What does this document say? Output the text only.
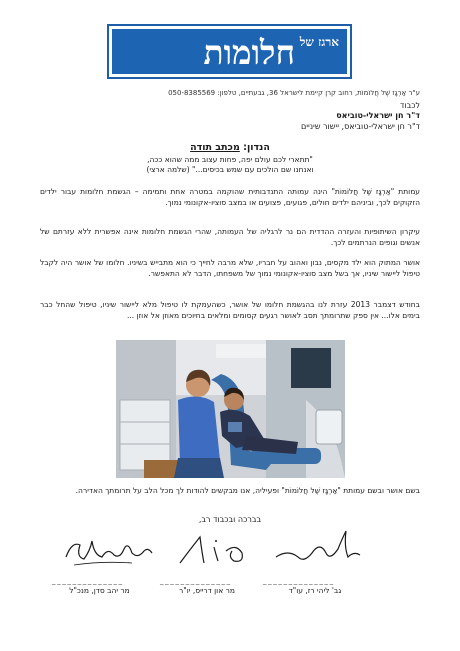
ארגז של
חלומות
ע"ר אַרְגָּז שֶׁל חֲלוֹמוֹת, רחוב קרן קיימת לישראל 36, גבעתיים, טלפון: 050-8385569
לכבוד
ד"ר חן ישראלי-טוביאס
ד"ר חן ישראלי-טוביאס, יישור שיניים
הנדון: מכתב תודה
"תתארי לכם עולם יפה, פחות עצוב ממה שהוא ככה,
ואנחנו שם הולכים עם שמש בכיסים..." (שלמה ארצי)
עמותת "אַרְגָּז שֶׁל חֲלוֹמוֹת" הינה עמותה התנדבותית שהוקמה במטרה אחת ותמימה – הגשמת חלומות עבור ילדים הזקוקים לכך, וביניהם ילדים חולים, פגועים, פצועים או במצב סוציו-אקונומי נמוך.
עיקרון השיתופיות והעזרה ההדדית הם נר לרגליה של העמותה, שהרי הגשמת חלומות אינה אפשרית ללא עזרתם של אנשים וגופים הנרתמים לכך.
אושר המתוק הוא ילד מקסים, נבון ואהוב על חבריו, שלא מרבה לחייך כי הוא מתבייש בשיניו. חלומו של אושר היה לקבל טיפול ליישור שיניו, אך בשל מצב סוציו-אקונומי נמוך של משפחתו, הדבר לא התאפשר.
בחודש דצמבר 2013 עזרת לנו בהגשמת חלומו של אושר, כשהעמקת לו טיפול מלא ליישור שיניו, טיפול שהחל כבר בימים אלו... אין ספק שתרומתך תסב לאושר רגעים קסומים ומלאים בחיוכים מאוזן אל אוזן ...
בשם אושר ובשם עמותת "אַרְגָּז שֶׁל חֲלוֹמוֹת" ופעיליה, אנו מבקשים להודות לך מכל הלב על תרומתך האדירה.
בברכה ובכבוד רב,
_ _ _ _ _ _ _ _ _ _ _ _ _ _
_ _ _ _ _ _ _ _ _ _ _ _ _ _
_ _ _ _ _ _ _ _ _ _ _ _ _ _
גב' ליהי רז, עו"ד
מר און דרייס, יו"ר
מר יהב סדן, מנכ"ל
